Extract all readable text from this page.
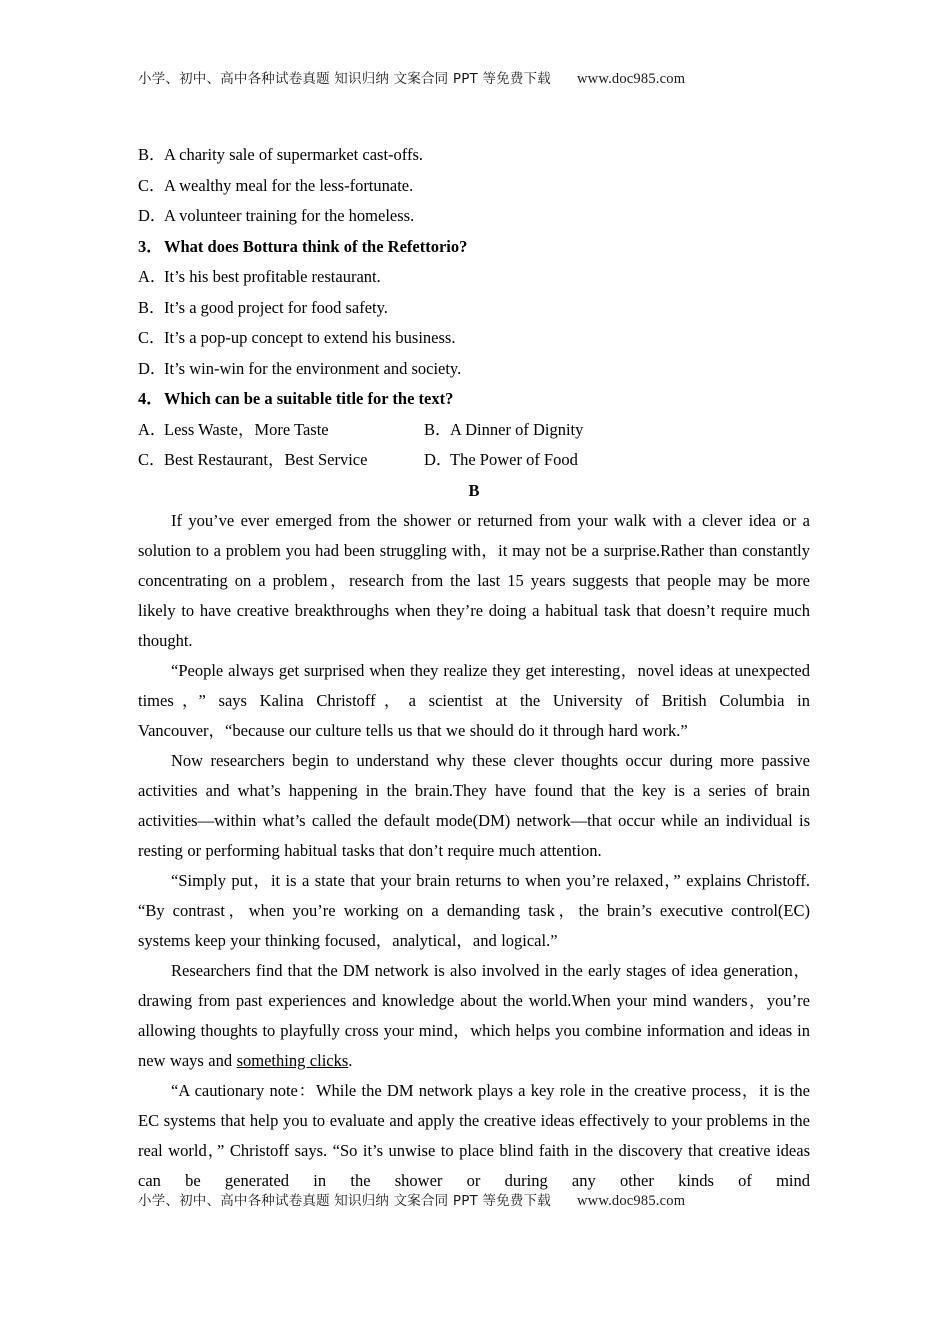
小学、初中、高中各种试卷真题 知识归纳 文案合同 PPT 等免费下载 www.doc985.com
B．A charity sale of supermarket cast-offs.
C．A wealthy meal for the less-fortunate.
D．A volunteer training for the homeless.
3．What does Bottura think of the Refettorio?
A．It’s his best profitable restaurant.
B．It’s a good project for food safety.
C．It’s a pop-up concept to extend his business.
D．It’s win-win for the environment and society.
4．Which can be a suitable title for the text?
A．Less Waste，More Taste	B．A Dinner of Dignity
C．Best Restaurant，Best Service	D．The Power of Food
B

If you’ve ever emerged from the shower or returned from your walk with a clever idea or a solution to a problem you had been struggling with，it may not be a surprise.Rather than constantly concentrating on a problem，research from the last 15 years suggests that people may be more likely to have creative breakthroughs when they’re doing a habitual task that doesn’t require much thought.

“People always get surprised when they realize they get interesting，novel ideas at unexpected times，” says Kalina Christoff，a scientist at the University of British Columbia in Vancouver，“because our culture tells us that we should do it through hard work.”

Now researchers begin to understand why these clever thoughts occur during more passive activities and what’s happening in the brain.They have found that the key is a series of brain activities—within what’s called the default mode(DM) network—that occur while an individual is resting or performing habitual tasks that don’t require much attention.

“Simply put，it is a state that your brain returns to when you’re relaxed，” explains Christoff. “By contrast，when you’re working on a demanding task，the brain’s executive control(EC) systems keep your thinking focused，analytical，and logical.”

Researchers find that the DM network is also involved in the early stages of idea generation，drawing from past experiences and knowledge about the world.When your mind wanders，you’re allowing thoughts to playfully cross your mind，which helps you combine information and ideas in new ways and something clicks.

“A cautionary note：While the DM network plays a key role in the creative process，it is the EC systems that help you to evaluate and apply the creative ideas effectively to your problems in the real world，” Christoff says. “So it’s unwise to place blind faith in the discovery that creative ideas can be generated in the shower or during any other kinds of mind

小学、初中、高中各种试卷真题 知识归纳 文案合同 PPT 等免费下载 www.doc985.com
